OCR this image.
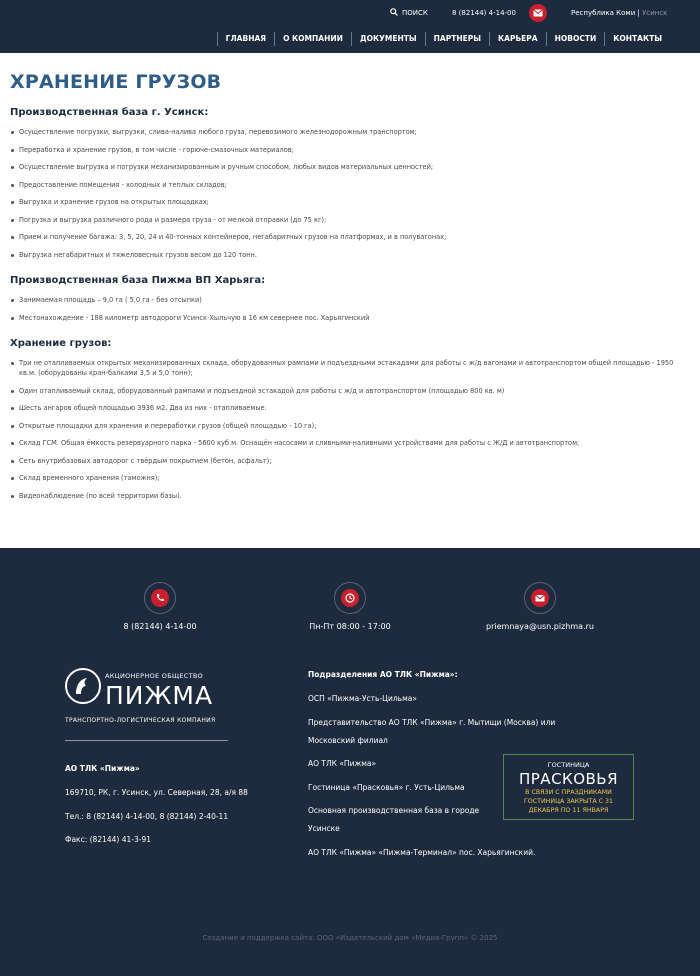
ПОИСК	8 (82144) 4-14-00	Республика Коми | Усинск
ГЛАВНАЯ	О КОМПАНИИ	ДОКУМЕНТЫ	ПАРТНЕРЫ	КАРЬЕРА	НОВОСТИ	КОНТАКТЫ
ХРАНЕНИЕ ГРУЗОВ
Производственная база г. Усинск:
Осуществление погрузки, выгрузки, слива-налива любого груза, перевозимого железнодорожным транспортом;
Переработка и хранение грузов, в том числе - горюче-смазочных материалов;
Осуществление выгрузка и погрузки механизированным и ручным способом, любых видов материальных ценностей;
Предоставление помещения - холодных и теплых складов;
Выгрузка и хранение грузов на открытых площадках;
Погрузка и выгрузка различного рода и размера груза - от мелкой отправки (до 75 кг);
Прием и получение багажа: 3, 5, 20, 24 и 40-тонных контейнеров, негабаритных грузов на платформах, и в полувагонах;
Выгрузка негабаритных и тяжеловесных грузов весом до 120 тонн.
Производственная база Пижма ВП Харьяга:
Занимаемая площадь – 9,0 га ( 5,0 га - без отсыпки)
Местонахождение - 188 километр автодороги Усинск-Хыльчую в 16 км севернее пос. Харьягинский
Хранение грузов:
Три не отапливаемых открытых механизированных склада, оборудованных рампами и подъездными эстакадами для работы с ж/д вагонами и автотранспортом общей площадью - 1950 кв.м. (оборудованы кран-балками 3,5 и 5,0 тонн);
Один отапливаемый склад, оборудованный рампами и подъездной эстакадой для работы с ж/д и автотранспортом (площадью 800 кв. м)
Шесть ангаров общей площадью 3936 м2. Два из них - отапливаемые.
Открытые площадки для хранения и переработки грузов (общей площадью - 10 га);
Склад ГСМ. Общая ёмкость резервуарного парка - 5600 куб.м. Оснащён насосами и сливными-наливными устройствами для работы с Ж/Д и автотранспортом;
Сеть внутрибазовых автодорог с твёрдым покрытием (бетон, асфальт);
Склад временного хранения (таможня);
Видеонаблюдение (по всей территории базы).
8 (82144) 4-14-00	Пн-Пт 08:00 - 17:00	priemnaya@usn.pizhma.ru
АКЦИОНЕРНОЕ ОБЩЕСТВО
ПИЖМА
ТРАНСПОРТНО-ЛОГИСТИЧЕСКАЯ КОМПАНИЯ
АО ТЛК «Пижма»
169710, РК, г. Усинск, ул. Северная, 28, а/я 88
Тел.: 8 (82144) 4-14-00, 8 (82144) 2-40-11
Факс: (82144) 41-3-91
Подразделения АО ТЛК «Пижма»:
ОСП «Пижма-Усть-Цильма»
Представительство АО ТЛК «Пижма» г. Мытищи (Москва) или
Московский филиал
АО ТЛК «Пижма»
Гостиница «Прасковья» г. Усть-Цильма
Основная производственная база в городе
Усинске
АО ТЛК «Пижма» «Пижма-Терминал» пос. Харьягинский.
ГОСТИНИЦА
ПРАСКОВЬЯ
В СВЯЗИ С ПРАЗДНИКАМИ
ГОСТИНИЦА ЗАКРЫТА С 31
ДЕКАБРЯ ПО 11 ЯНВАРЯ
Создание и поддержка сайта: ООО «Издательский дом «Медиа-Групп» © 2025
